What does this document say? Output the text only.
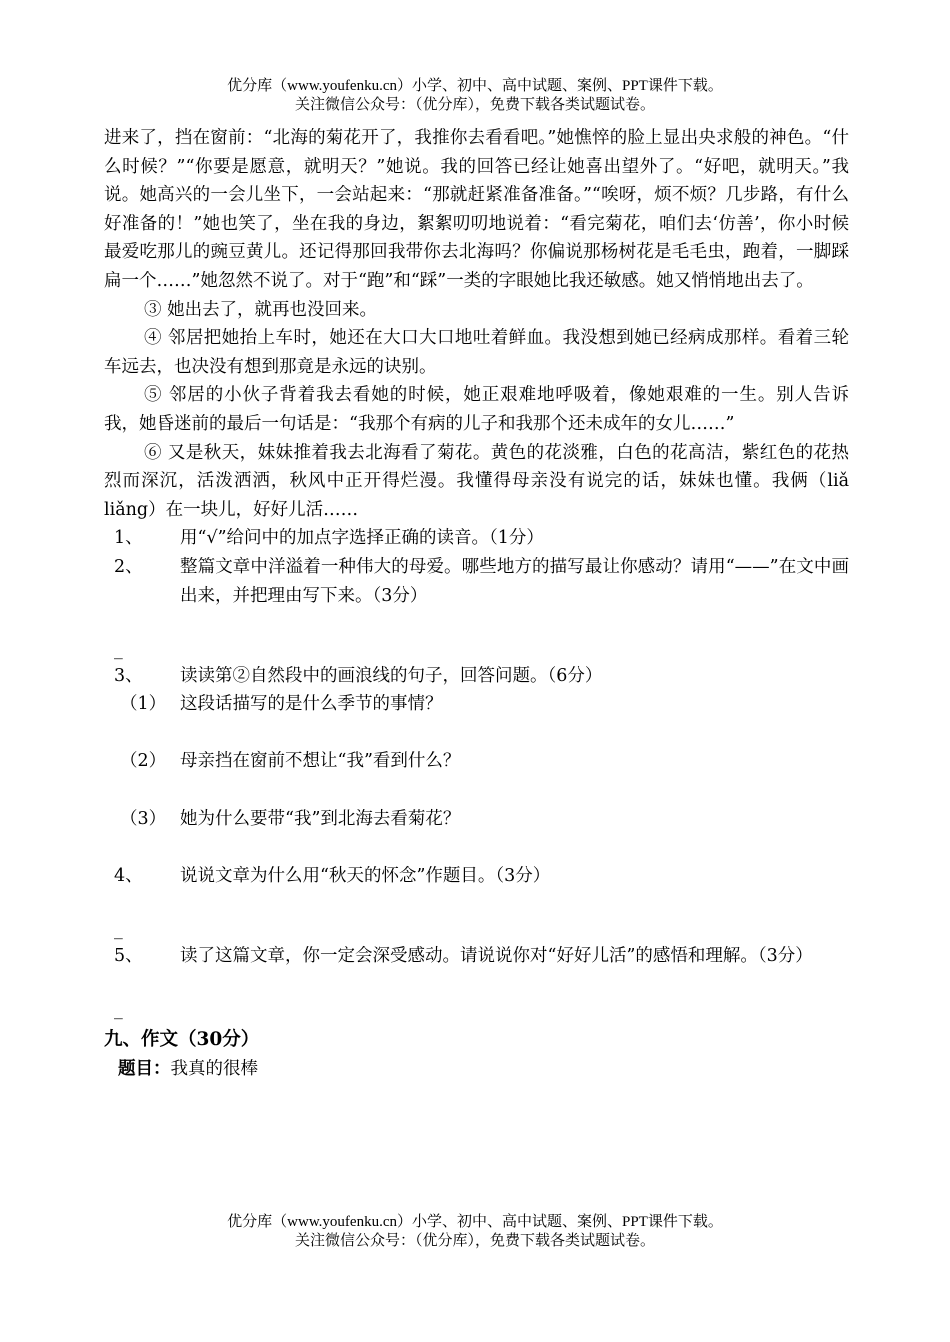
优分库（www.youfenku.cn）小学、初中、高中试题、案例、PPT课件下载。
关注微信公众号：（优分库），免费下载各类试题试卷。

进来了，挡在窗前：“北海的菊花开了，我推你去看看吧。”她憔悴的脸上显出央求般的神色。“什么时候？”“你要是愿意，就明天？”她说。我的回答已经让她喜出望外了。“好吧，就明天。”我说。她高兴的一会儿坐下，一会站起来：“那就赶紧准备准备。”“唉呀，烦不烦？几步路，有什么好准备的！”她也笑了，坐在我的身边，絮絮叨叨地说着：“看完菊花，咱们去‘仿善’，你小时候最爱吃那儿的豌豆黄儿。还记得那回我带你去北海吗？你偏说那杨树花是毛毛虫，跑着，一脚踩扁一个……”她忽然不说了。对于“跑”和“踩”一类的字眼她比我还敏感。她又悄悄地出去了。

③ 她出去了，就再也没回来。

④ 邻居把她抬上车时，她还在大口大口地吐着鲜血。我没想到她已经病成那样。看着三轮车远去，也决没有想到那竟是永远的诀别。

⑤ 邻居的小伙子背着我去看她的时候，她正艰难地呼吸着，像她艰难的一生。别人告诉我，她昏迷前的最后一句话是：“我那个有病的儿子和我那个还未成年的女儿……”

⑥ 又是秋天，妹妹推着我去北海看了菊花。黄色的花淡雅，白色的花高洁，紫红色的花热烈而深沉，活泼洒洒，秋风中正开得烂漫。我懂得母亲没有说完的话，妹妹也懂。我俩（liǎ liǎng）在一块儿，好好儿活……

1、	用“√”给问中的加点字选择正确的读音。（1分）
2、	整篇文章中洋溢着一种伟大的母爱。哪些地方的描写最让你感动？请用“——”在文中画出来，并把理由写下来。（3分）
_
3、	读读第②自然段中的画浪线的句子，回答问题。（6分）
（1） 这段话描写的是什么季节的事情？
（2） 母亲挡在窗前不想让“我”看到什么？
（3） 她为什么要带“我”到北海去看菊花？
4、	说说文章为什么用“秋天的怀念”作题目。（3分）
_
5、	读了这篇文章，你一定会深受感动。请说说你对“好好儿活”的感悟和理解。（3分）
_
九、作文（30分）
题目：我真的很棒
优分库（www.youfenku.cn）小学、初中、高中试题、案例、PPT课件下载。
关注微信公众号：（优分库），免费下载各类试题试卷。
